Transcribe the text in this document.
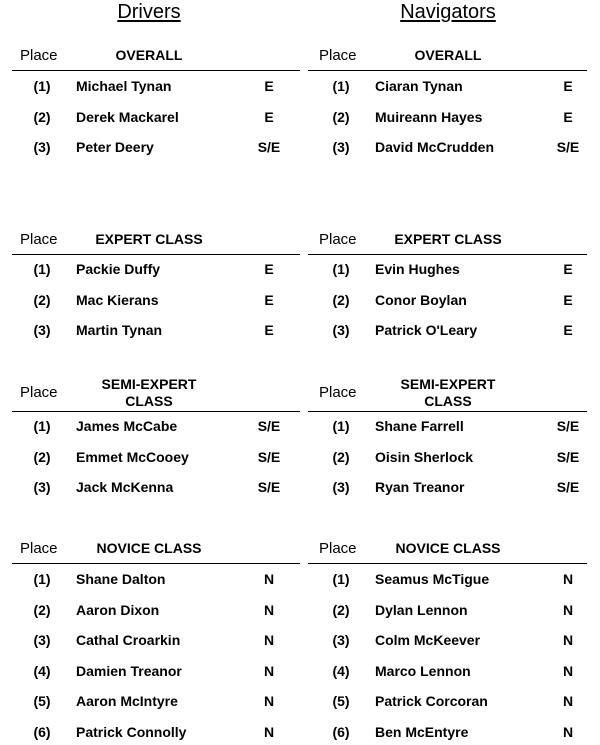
Drivers	Navigators
Place	OVERALL
(1)	Michael Tynan	E
(2)	Derek Mackarel	E
(3)	Peter Deery	S/E
Place	EXPERT CLASS
(1)	Packie Duffy	E
(2)	Mac Kierans	E
(3)	Martin Tynan	E
Place	SEMI-EXPERT CLASS
(1)	James McCabe	S/E
(2)	Emmet McCooey	S/E
(3)	Jack McKenna	S/E
Place	NOVICE CLASS
(1)	Shane Dalton	N
(2)	Aaron Dixon	N
(3)	Cathal Croarkin	N
(4)	Damien Treanor	N
(5)	Aaron McIntyre	N
(6)	Patrick Connolly	N
Place	OVERALL
(1)	Ciaran Tynan	E
(2)	Muireann Hayes	E
(3)	David McCrudden	S/E
Place	EXPERT CLASS
(1)	Evin Hughes	E
(2)	Conor Boylan	E
(3)	Patrick O'Leary	E
Place	SEMI-EXPERT CLASS
(1)	Shane Farrell	S/E
(2)	Oisin Sherlock	S/E
(3)	Ryan Treanor	S/E
Place	NOVICE CLASS
(1)	Seamus McTigue	N
(2)	Dylan Lennon	N
(3)	Colm McKeever	N
(4)	Marco Lennon	N
(5)	Patrick Corcoran	N
(6)	Ben McEntyre	N
